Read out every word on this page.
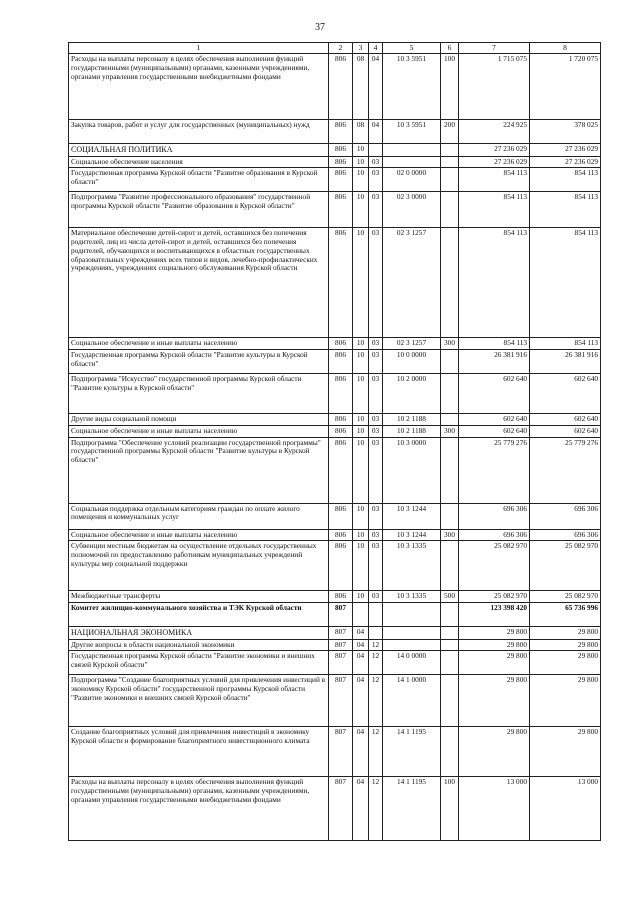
37
1	2	3	4	5	6	7	8
Расходы на выплаты персоналу в целях обеспечения выполнения функций государственными (муниципальными) органами, казенными учреждениями, органами управления государственными внебюджетными фондами	806	08	04	10 3 5951	100	1 715 075	1 720 075
Закупка товаров, работ и услуг для государственных (муниципальных) нужд	806	08	04	10 3 5951	200	224 925	378 025
СОЦИАЛЬНАЯ ПОЛИТИКА	806	10				27 236 029	27 236 029
Социальное обеспечение населения	806	10	03			27 236 029	27 236 029
Государственная программа Курской области "Развитие образования в Курской области"	806	10	03	02 0 0000		854 113	854 113
Подпрограмма "Развитие профессионального образования" государственной программы Курской области "Развитие образования в Курской области"	806	10	03	02 3 0000		854 113	854 113
Материальное обеспечение детей-сирот и детей, оставшихся без попечения родителей, лиц из числа детей-сирот и детей, оставшихся без попечения родителей, обучающихся и воспитывающихся в областных государственных образовательных учреждениях всех типов и видов, лечебно-профилактических учреждениях, учреждениях социального обслуживания Курской области	806	10	03	02 3 1257		854 113	854 113
Социальное обеспечение и иные выплаты населению	806	10	03	02 3 1257	300	854 113	854 113
Государственная программа Курской области "Развитие культуры в Курской области"	806	10	03	10 0 0000		26 381 916	26 381 916
Подпрограмма "Искусство" государственной программы Курской области "Развитие культуры в Курской области"	806	10	03	10 2 0000		602 640	602 640
Другие виды социальной помощи	806	10	03	10 2 1188		602 640	602 640
Социальное обеспечение и иные выплаты населению	806	10	03	10 2 1188	300	602 640	602 640
Подпрограмма "Обеспечение условий реализации государственной программы" государственной программы Курской области "Развитие культуры в Курской области"	806	10	03	10 3 0000		25 779 276	25 779 276
Социальная поддержка отдельным категориям граждан по оплате жилого помещения и коммунальных услуг	806	10	03	10 3 1244		696 306	696 306
Социальное обеспечение и иные выплаты населению	806	10	03	10 3 1244	300	696 306	696 306
Субвенции местным бюджетам на осуществление отдельных государственных полномочий по предоставлению работникам муниципальных учреждений культуры мер социальной поддержки	806	10	03	10 3 1335		25 082 970	25 082 970
Межбюджетные трансферты	806	10	03	10 3 1335	500	25 082 970	25 082 970
Комитет жилищно-коммунального хозяйства и ТЭК Курской области	807					123 398 420	65 736 996
НАЦИОНАЛЬНАЯ ЭКОНОМИКА	807	04				29 800	29 800
Другие вопросы в области национальной экономики	807	04	12			29 800	29 800
Государственная программа Курской области "Развитие экономики и внешних связей Курской области"	807	04	12	14 0 0000		29 800	29 800
Подпрограмма "Создание благоприятных условий для привлечения инвестиций в экономику Курской области" государственной программы Курской области "Развитие экономики и внешних связей Курской области"	807	04	12	14 1 0000		29 800	29 800
Создание благоприятных условий для привлечения инвестиций в экономику Курской области и формирование благоприятного инвестиционного климата	807	04	12	14 1 1195		29 800	29 800
Расходы на выплаты персоналу в целях обеспечения выполнения функций государственными (муниципальными) органами, казенными учреждениями, органами управления государственными внебюджетными фондами	807	04	12	14 1 1195	100	13 000	13 000
